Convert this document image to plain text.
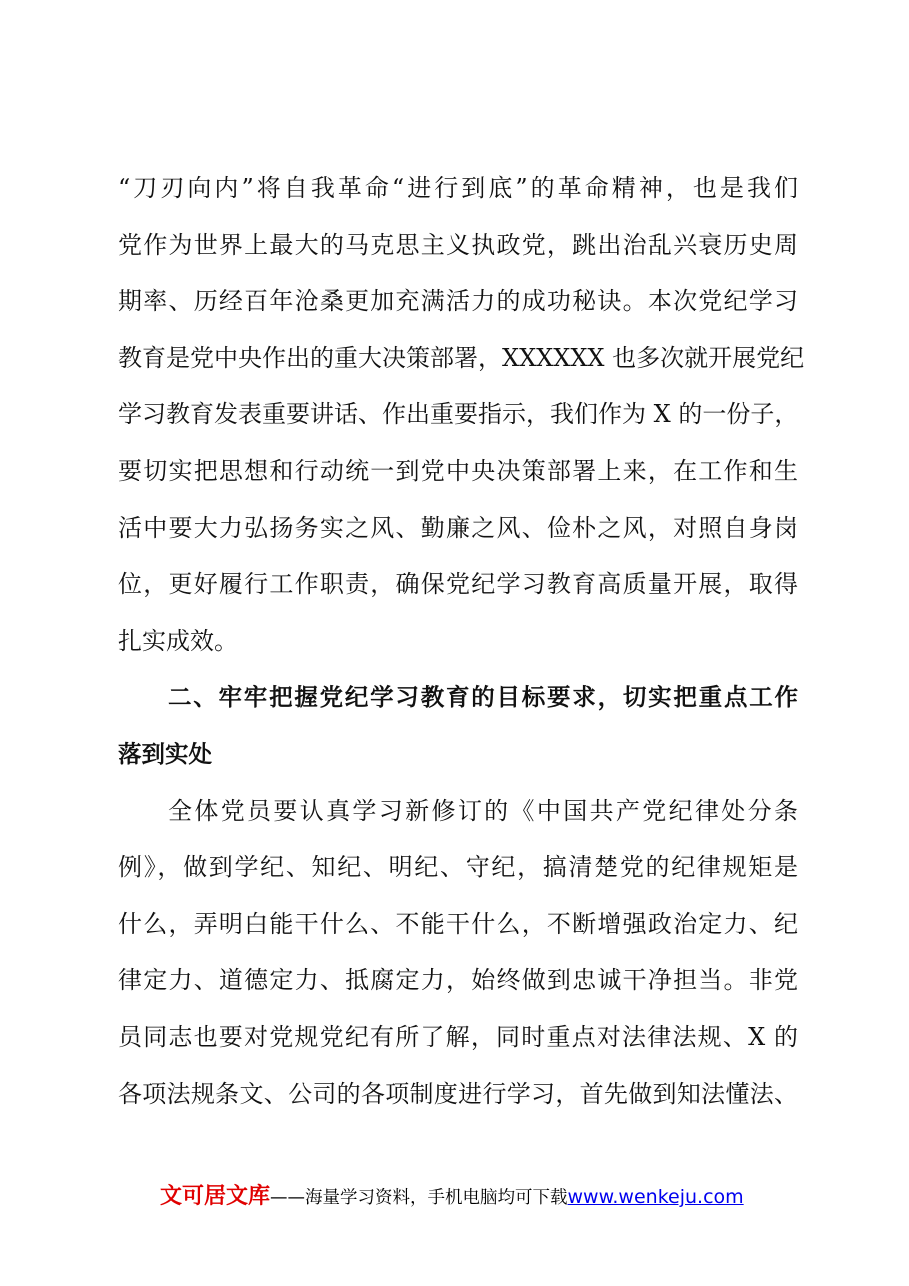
“刀刃向内”将自我革命“进行到底”的革命精神，也是我们
党作为世界上最大的马克思主义执政党，跳出治乱兴衰历史周
期率、历经百年沧桑更加充满活力的成功秘诀。本次党纪学习
教育是党中央作出的重大决策部署，XXXXXX 也多次就开展党纪
学习教育发表重要讲话、作出重要指示，我们作为 X 的一份子，
要切实把思想和行动统一到党中央决策部署上来，在工作和生
活中要大力弘扬务实之风、勤廉之风、俭朴之风，对照自身岗
位，更好履行工作职责，确保党纪学习教育高质量开展，取得
扎实成效。
二、牢牢把握党纪学习教育的目标要求，切实把重点工作
落到实处
全体党员要认真学习新修订的《中国共产党纪律处分条
例》，做到学纪、知纪、明纪、守纪，搞清楚党的纪律规矩是
什么，弄明白能干什么、不能干什么，不断增强政治定力、纪
律定力、道德定力、抵腐定力，始终做到忠诚干净担当。非党
员同志也要对党规党纪有所了解，同时重点对法律法规、X 的
各项法规条文、公司的各项制度进行学习，首先做到知法懂法、
文可居文库——海量学习资料，手机电脑均可下载www.wenkeju.com
